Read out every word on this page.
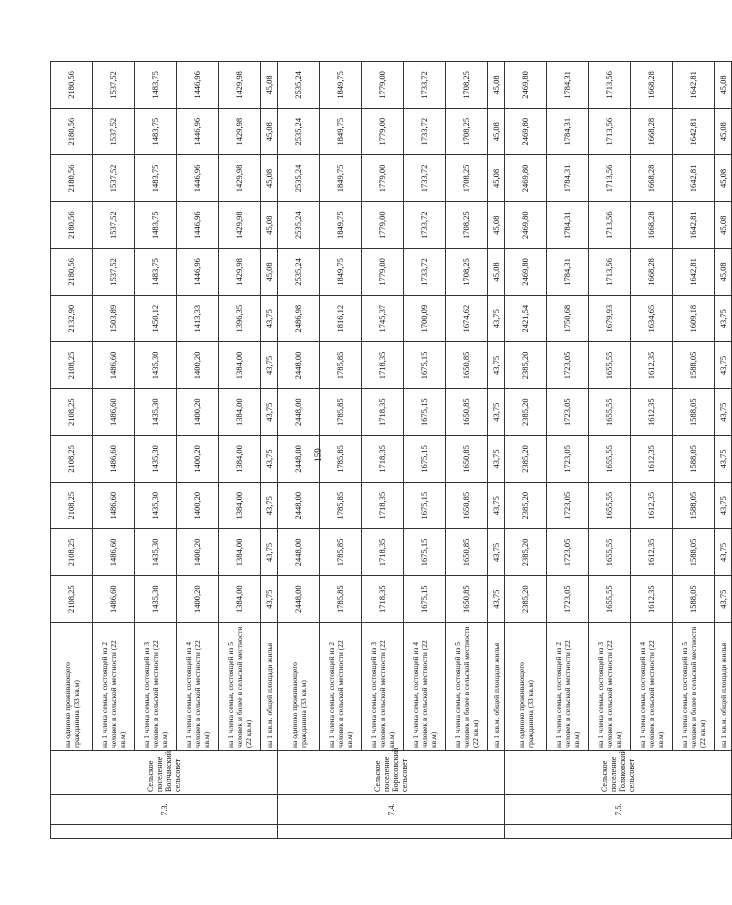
159
	7.3.	Сельское поселение Волчанский сельсовет	на одиноко проживающего гражданина (33 кв.м)	2108,25	2108,25	2108,25	2108,25	2108,25	2108,25	2132,90	2180,56	2180,56	2180,56	2180,56	2180,56
			на 1 члена семьи, состоящей из 2 человек в сельской местности (22 кв.м)	1486,60	1486,60	1486,60	1486,60	1486,60	1486,60	1503,89	1537,52	1537,52	1537,52	1537,52	1537,52
			на 1 члена семьи, состоящей из 3 человек в сельской местности (22 кв.м)	1435,30	1435,30	1435,30	1435,30	1435,30	1435,30	1450,12	1483,75	1483,75	1483,75	1483,75	1483,75
			на 1 члена семьи, состоящей из 4 человек в сельской местности (22 кв.м)	1400,20	1400,20	1400,20	1400,20	1400,20	1400,20	1413,33	1446,96	1446,96	1446,96	1446,96	1446,96
			на 1 члена семьи, состоящей из 5 человек и более в сельской местности (22 кв.м)	1384,00	1384,00	1384,00	1384,00	1384,00	1384,00	1396,35	1429,98	1429,98	1429,98	1429,98	1429,98
			на 1 кв.м. общей площади жилья	43,75	43,75	43,75	43,75	43,75	43,75	43,75	45,08	45,08	45,08	45,08	45,08
	7.4.	Сельское поселение Борисовский сельсовет	на одиноко проживающего гражданина (33 кв.м)	2448,00	2448,00	2448,00	2448,00	2448,00	2448,00	2486,98	2535,24	2535,24	2535,24	2535,24	2535,24
			на 1 члена семьи, состоящей из 2 человек в сельской местности (22 кв.м)	1785,85	1785,85	1785,85	1785,85	1785,85	1785,85	1816,12	1849,75	1849,75	1849,75	1849,75	1849,75
			на 1 члена семьи, состоящей из 3 человек в сельской местности (22 кв.м)	1718,35	1718,35	1718,35	1718,35	1718,35	1718,35	1745,37	1779,00	1779,00	1779,00	1779,00	1779,00
			на 1 члена семьи, состоящей из 4 человек в сельской местности (22 кв.м)	1675,15	1675,15	1675,15	1675,15	1675,15	1675,15	1700,09	1733,72	1733,72	1733,72	1733,72	1733,72
			на 1 члена семьи, состоящей из 5 человек и более в сельской местности (22 кв.м)	1650,85	1650,85	1650,85	1650,85	1650,85	1650,85	1674,62	1708,25	1708,25	1708,25	1708,25	1708,25
			на 1 кв.м. общей площади жилья	43,75	43,75	43,75	43,75	43,75	43,75	43,75	45,08	45,08	45,08	45,08	45,08
	7.5.	Сельское поселение Голяковский сельсовет	на одиноко проживающего гражданина (33 кв.м)	2385,20	2385,20	2385,20	2385,20	2385,20	2385,20	2421,54	2469,80	2469,80	2469,80	2469,80	2469,80
			на 1 члена семьи, состоящей из 2 человек в сельской местности (22 кв.м)	1723,05	1723,05	1723,05	1723,05	1723,05	1723,05	1750,68	1784,31	1784,31	1784,31	1784,31	1784,31
			на 1 члена семьи, состоящей из 3 человек в сельской местности (22 кв.м)	1655,55	1655,55	1655,55	1655,55	1655,55	1655,55	1679,93	1713,56	1713,56	1713,56	1713,56	1713,56
			на 1 члена семьи, состоящей из 4 человек в сельской местности (22 кв.м)	1612,35	1612,35	1612,35	1612,35	1612,35	1612,35	1634,65	1668,28	1668,28	1668,28	1668,28	1668,28
			на 1 члена семьи, состоящей из 5 человек и более в сельской местности (22 кв.м)	1588,05	1588,05	1588,05	1588,05	1588,05	1588,05	1609,18	1642,81	1642,81	1642,81	1642,81	1642,81
			на 1 кв.м. общей площади жилья	43,75	43,75	43,75	43,75	43,75	43,75	43,75	45,08	45,08	45,08	45,08	45,08
